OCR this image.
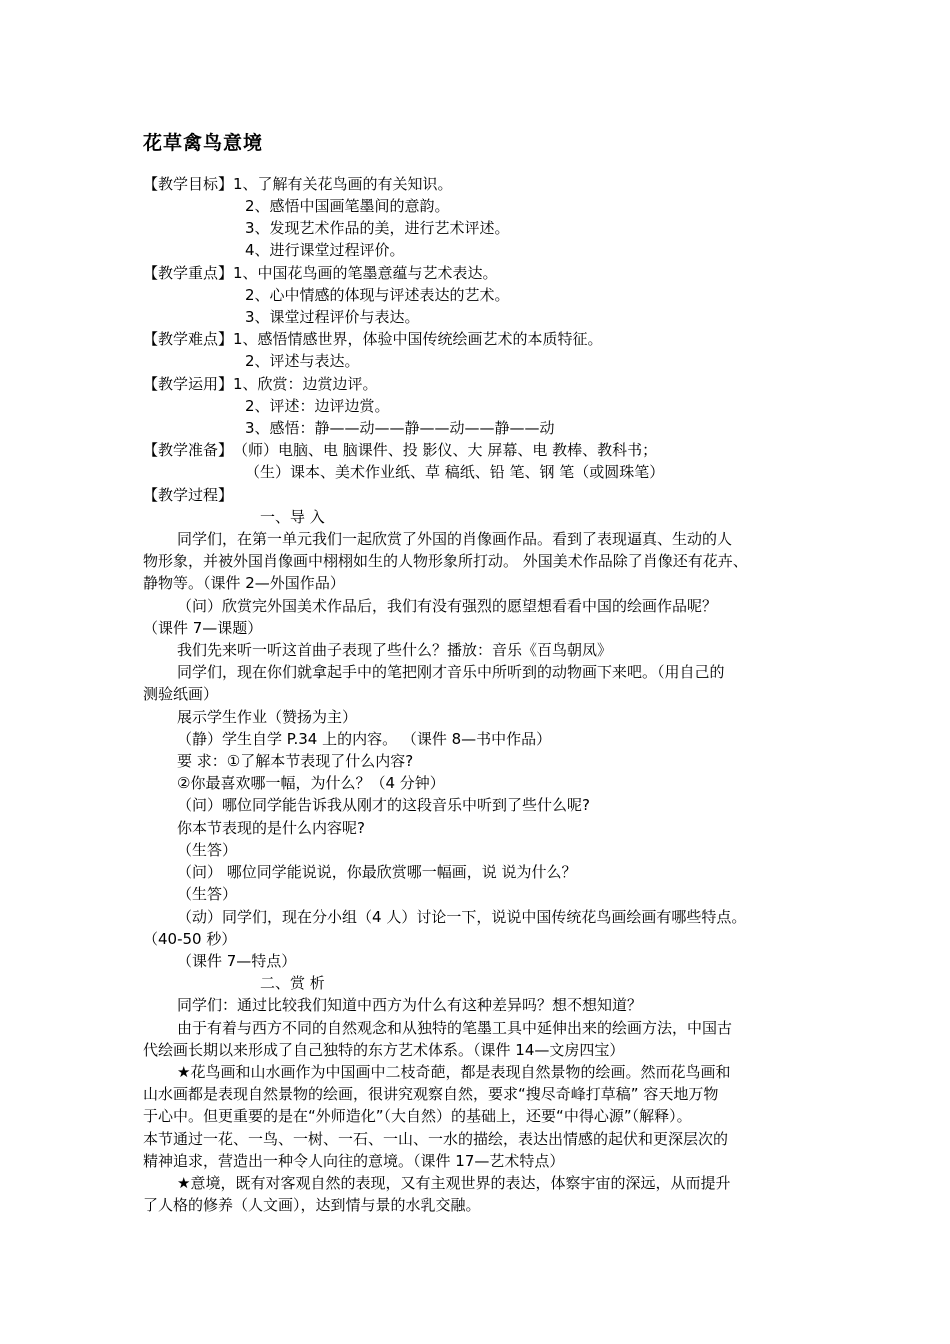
花草禽鸟意境
【教学目标】1、了解有关花鸟画的有关知识。
2、感悟中国画笔墨间的意韵。
3、发现艺术作品的美，进行艺术评述。
4、进行课堂过程评价。
【教学重点】1、中国花鸟画的笔墨意蕴与艺术表达。
2、心中情感的体现与评述表达的艺术。
3、课堂过程评价与表达。
【教学难点】1、感悟情感世界，体验中国传统绘画艺术的本质特征。
2、评述与表达。
【教学运用】1、欣赏：边赏边评。
2、评述：边评边赏。
3、感悟：静——动——静——动——静——动
【教学准备】（师）电脑、电 脑课件、投 影仪、大 屏幕、电 教棒、教科书；
（生）课本、美术作业纸、草 稿纸、铅 笔、钢 笔（或圆珠笔）
【教学过程】
一、导 入
同学们，在第一单元我们一起欣赏了外国的肖像画作品。看到了表现逼真、生动的人
物形象，并被外国肖像画中栩栩如生的人物形象所打动。 外国美术作品除了肖像还有花卉、
静物等。（课件 2—外国作品）
（问）欣赏完外国美术作品后，我们有没有强烈的愿望想看看中国的绘画作品呢？
（课件 7—课题）
我们先来听一听这首曲子表现了些什么？播放：音乐《百鸟朝凤》
同学们，现在你们就拿起手中的笔把刚才音乐中所听到的动物画下来吧。（用自己的
测验纸画）
展示学生作业（赞扬为主）
（静）学生自学 P.34 上的内容。 （课件 8—书中作品）
要 求：①了解本节表现了什么内容?
②你最喜欢哪一幅，为什么？（4 分钟）
（问）哪位同学能告诉我从刚才的这段音乐中听到了些什么呢?
你本节表现的是什么内容呢?
（生答）
（问） 哪位同学能说说，你最欣赏哪一幅画，说 说为什么？
（生答）
（动）同学们，现在分小组（4 人）讨论一下，说说中国传统花鸟画绘画有哪些特点。
（40-50 秒）
（课件 7—特点）
二、赏 析
同学们：通过比较我们知道中西方为什么有这种差异吗？想不想知道？
由于有着与西方不同的自然观念和从独特的笔墨工具中延伸出来的绘画方法，中国古
代绘画长期以来形成了自己独特的东方艺术体系。（课件 14—文房四宝）
★花鸟画和山水画作为中国画中二枝奇葩，都是表现自然景物的绘画。然而花鸟画和
山水画都是表现自然景物的绘画，很讲究观察自然，要求“搜尽奇峰打草稿” 容天地万物
于心中。但更重要的是在“外师造化”（大自然）的基础上，还要“中得心源”（解释）。
本节通过一花、一鸟、一树、一石、一山、一水的描绘，表达出情感的起伏和更深层次的
精神追求，营造出一种令人向往的意境。（课件 17—艺术特点）
★意境，既有对客观自然的表现，又有主观世界的表达，体察宇宙的深远，从而提升
了人格的修养（人文画），达到情与景的水乳交融。
